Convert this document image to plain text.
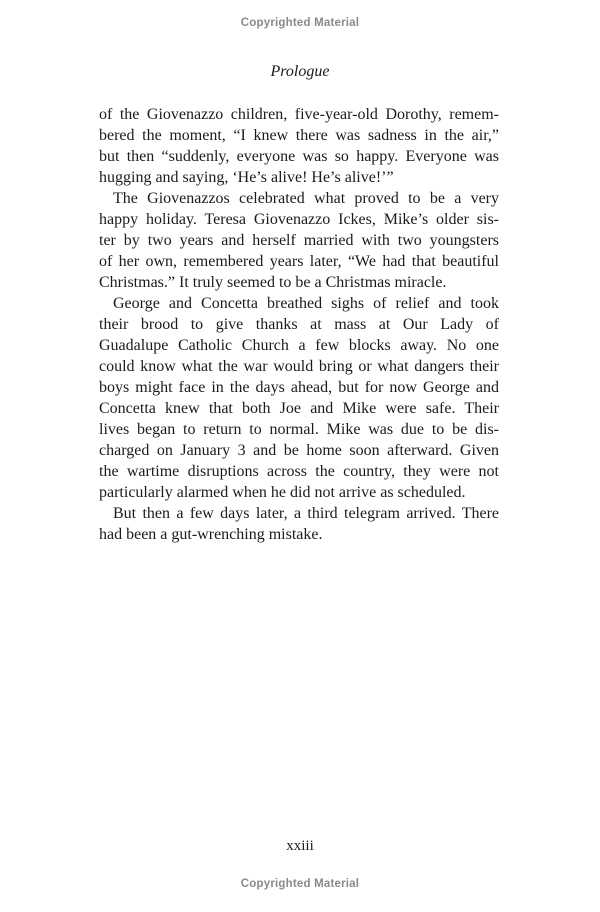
Copyrighted Material
Prologue
of the Giovenazzo children, five-year-old Dorothy, remem-
bered the moment, “I knew there was sadness in the air,”
but then “suddenly, everyone was so happy. Everyone was
hugging and saying, ‘He’s alive! He’s alive!’”
The Giovenazzos celebrated what proved to be a very
happy holiday. Teresa Giovenazzo Ickes, Mike’s older sis-
ter by two years and herself married with two youngsters
of her own, remembered years later, “We had that beautiful
Christmas.” It truly seemed to be a Christmas miracle.
George and Concetta breathed sighs of relief and took
their brood to give thanks at mass at Our Lady of
Guadalupe Catholic Church a few blocks away. No one
could know what the war would bring or what dangers their
boys might face in the days ahead, but for now George and
Concetta knew that both Joe and Mike were safe. Their
lives began to return to normal. Mike was due to be dis-
charged on January 3 and be home soon afterward. Given
the wartime disruptions across the country, they were not
particularly alarmed when he did not arrive as scheduled.
But then a few days later, a third telegram arrived. There
had been a gut-wrenching mistake.
xxiii
Copyrighted Material
